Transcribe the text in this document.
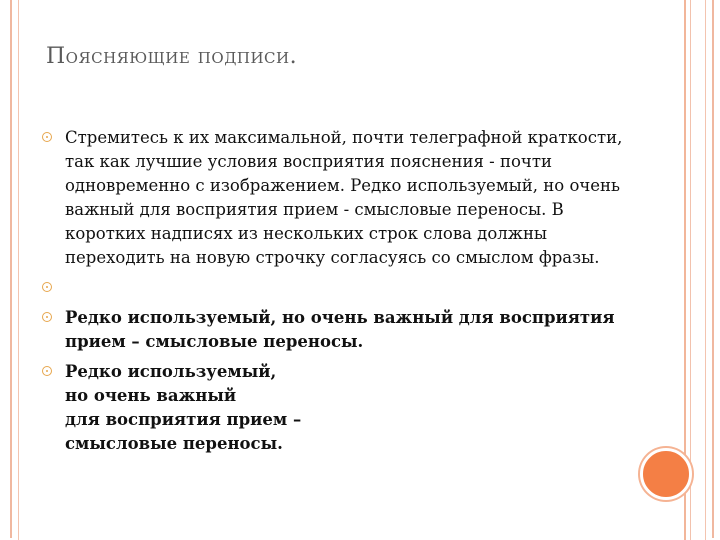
Поясняющие подписи.
Стремитесь к их максимальной, почти телеграфной краткости, так как лучшие условия восприятия пояснения - почти одновременно с изображением. Редко используемый, но очень важный для восприятия прием - смысловые переносы. В коротких надписях из нескольких строк слова должны переходить на новую строчку согласуясь со смыслом фразы.
Редко используемый, но очень важный для восприятия прием – смысловые переносы.
Редко используемый,
но очень важный
для восприятия прием –
смысловые переносы.
